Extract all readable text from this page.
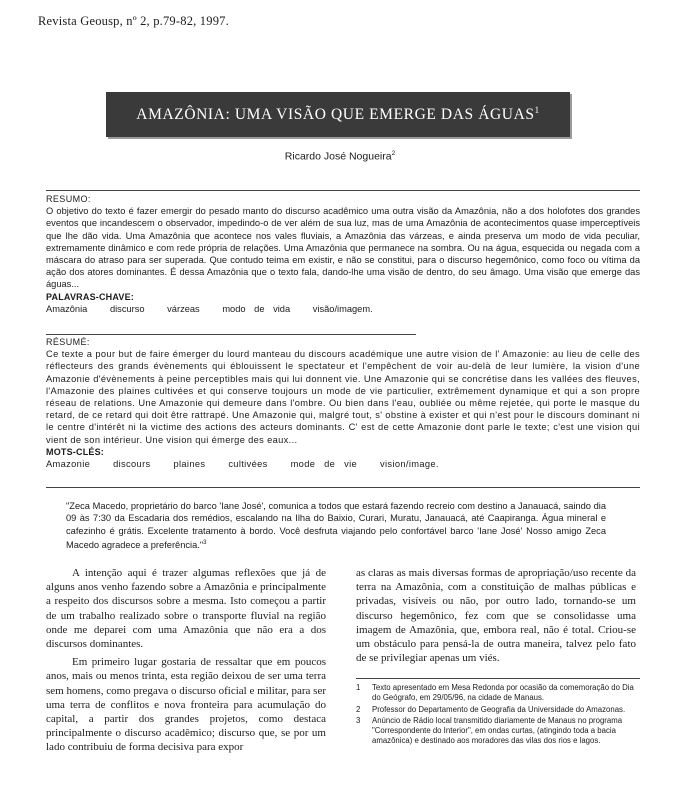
Revista Geousp, nº 2, p.79-82, 1997.
AMAZÔNIA: UMA VISÃO QUE EMERGE DAS ÁGUAS$^1$
Ricardo José Nogueira$^2$
RESUMO:
O objetivo do texto é fazer emergir do pesado manto do discurso acadêmico uma outra visão da Amazônia, não a dos holofotes dos grandes eventos que incandescem o observador, impedindo-o de ver além de sua luz, mas de uma Amazônia de acontecimentos quase imperceptíveis que lhe dão vida. Uma Amazônia que acontece nos vales fluviais, a Amazônia das várzeas, e ainda preserva um modo de vida peculiar, extremamente dinâmico e com rede própria de relações. Uma Amazônia que permanece na sombra. Ou na água, esquecida ou negada com a máscara do atraso para ser superada. Que contudo teima em existir, e não se constitui, para o discurso hegemônico, como foco ou vítima da ação dos atores dominantes. É dessa Amazônia que o texto fala, dando-lhe uma visão de dentro, do seu âmago. Uma visão que emerge das águas...
PALAVRAS-CHAVE:
Amazônia discurso várzeas modo de vida visão/imagem.
RÉSUMÉ:
Ce texte a pour but de faire émerger du lourd manteau du discours académique une autre vision de l' Amazonie: au lieu de celle des réflecteurs des grands évènements qui éblouissent le spectateur et l'empêchent de voir au-delà de leur lumière, la vision d'une Amazonie d'évènements à peine perceptibles mais qui lui donnent vie. Une Amazonie qui se concrétise dans les vallées des fleuves, l'Amazonie des plaines cultivées et qui conserve toujours un mode de vie particulier, extrêmement dynamique et qui a son propre réseau de relations. Une Amazonie qui demeure dans l'ombre. Ou bien dans l'eau, oubliée ou même rejetée, qui porte le masque du retard, de ce retard qui doit être rattrapé. Une Amazonie qui, malgré tout, s' obstine à exister et qui n'est pour le discours dominant ni le centre d'intérêt ni la victime des actions des acteurs dominants. C' est de cette Amazonie dont parle le texte; c'est une vision qui vient de son intérieur. Une vision qui émerge des eaux...
MOTS-CLÉS:
Amazonie discours plaines cultivées mode de vie vision/image.
"Zeca Macedo, proprietário do barco 'Iane José', comunica a todos que estará fazendo recreio com destino a Janauacá, saindo dia 09 às 7:30 da Escadaria dos remédios, escalando na Ilha do Baixio, Curari, Muratu, Janauacá, até Caapiranga. Água mineral e cafezinho é grátis. Excelente tratamento à bordo. Você desfruta viajando pelo confortável barco 'Iane José' Nosso amigo Zeca Macedo agradece a preferência."$^3$

A intenção aqui é trazer algumas reflexões que já de alguns anos venho fazendo sobre a Amazônia e principalmente a respeito dos discursos sobre a mesma. Isto começou a partir de um trabalho realizado sobre o transporte fluvial na região onde me deparei com uma Amazônia que não era a dos discursos dominantes.

Em primeiro lugar gostaria de ressaltar que em poucos anos, mais ou menos trinta, esta região deixou de ser uma terra sem homens, como pregava o discurso oficial e militar, para ser uma terra de conflitos e nova fronteira para acumulação do capital, a partir dos grandes projetos, como destaca principalmente o discurso acadêmico; discurso que, se por um lado contribuiu de forma decisiva para expor

as claras as mais diversas formas de apropriação/uso recente da terra na Amazônia, com a constituição de malhas públicas e privadas, visíveis ou não, por outro lado, tornando-se um discurso hegemônico, fez com que se consolidasse uma imagem de Amazônia, que, embora real, não é total. Criou-se um obstáculo para pensá-la de outra maneira, talvez pelo fato de se privilegiar apenas um viés.

1	Texto apresentado em Mesa Redonda por ocasião da comemoração do Dia do Geógrafo, em 29/05/96, na cidade de Manaus.
2	Professor do Departamento de Geografia da Universidade do Amazonas.
3	Anúncio de Rádio local transmitido diariamente de Manaus no programa "Correspondente do Interior", em ondas curtas, (atingindo toda a bacia amazônica) e destinado aos moradores das vilas dos rios e lagos.
